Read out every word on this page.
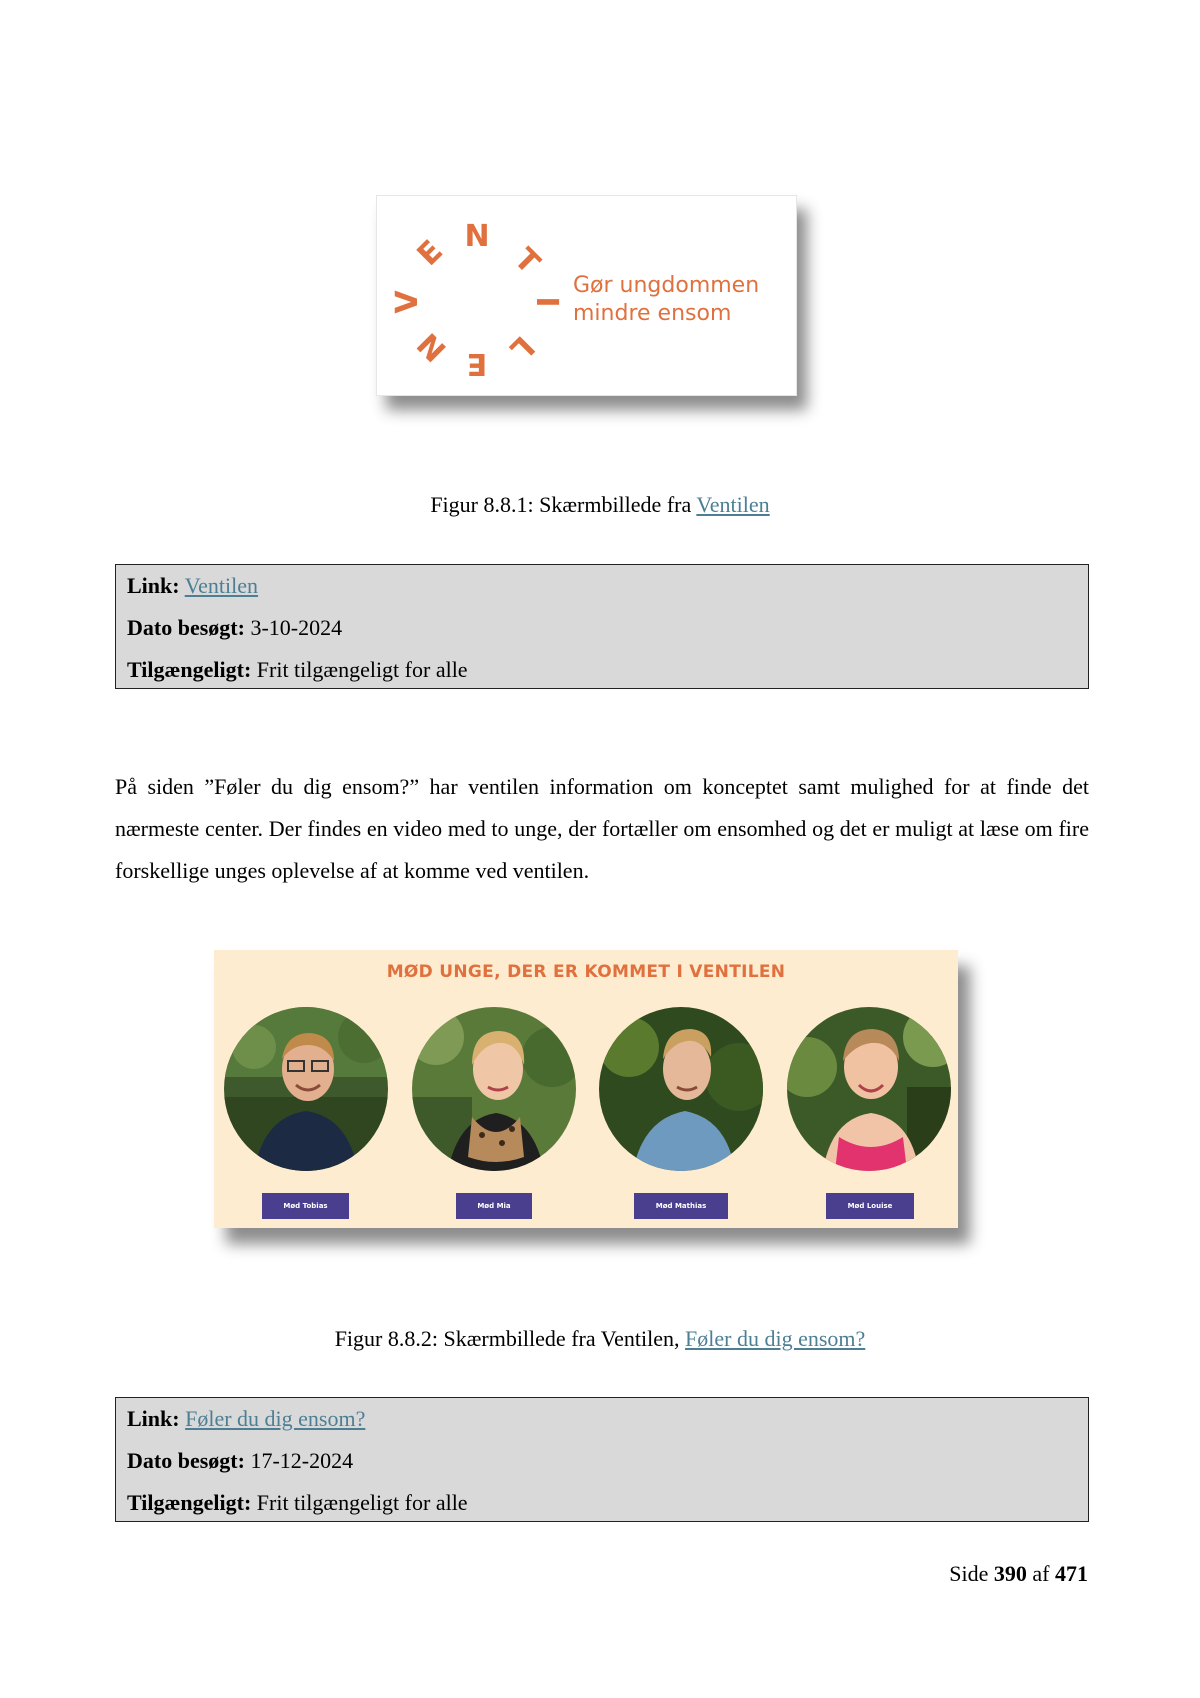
V
E N
T
I
L
E
N
Gør ungdommen
mindre ensom
Figur 8.8.1: Skærmbillede fra Ventilen
Link: Ventilen
Dato besøgt: 3-10-2024
Tilgængeligt: Frit tilgængeligt for alle
På siden ”Føler du dig ensom?” har ventilen information om konceptet samt mulighed for at finde det nærmeste center. Der findes en video med to unge, der fortæller om ensomhed og det er muligt at læse om fire forskellige unges oplevelse af at komme ved ventilen.
MØD UNGE, DER ER KOMMET I VENTILEN
Mød Tobias	Mød Mia	Mød Mathias	Mød Louise
Figur 8.8.2: Skærmbillede fra Ventilen, Føler du dig ensom?
Link: Føler du dig ensom?
Dato besøgt: 17-12-2024
Tilgængeligt: Frit tilgængeligt for alle
Side 390 af 471
